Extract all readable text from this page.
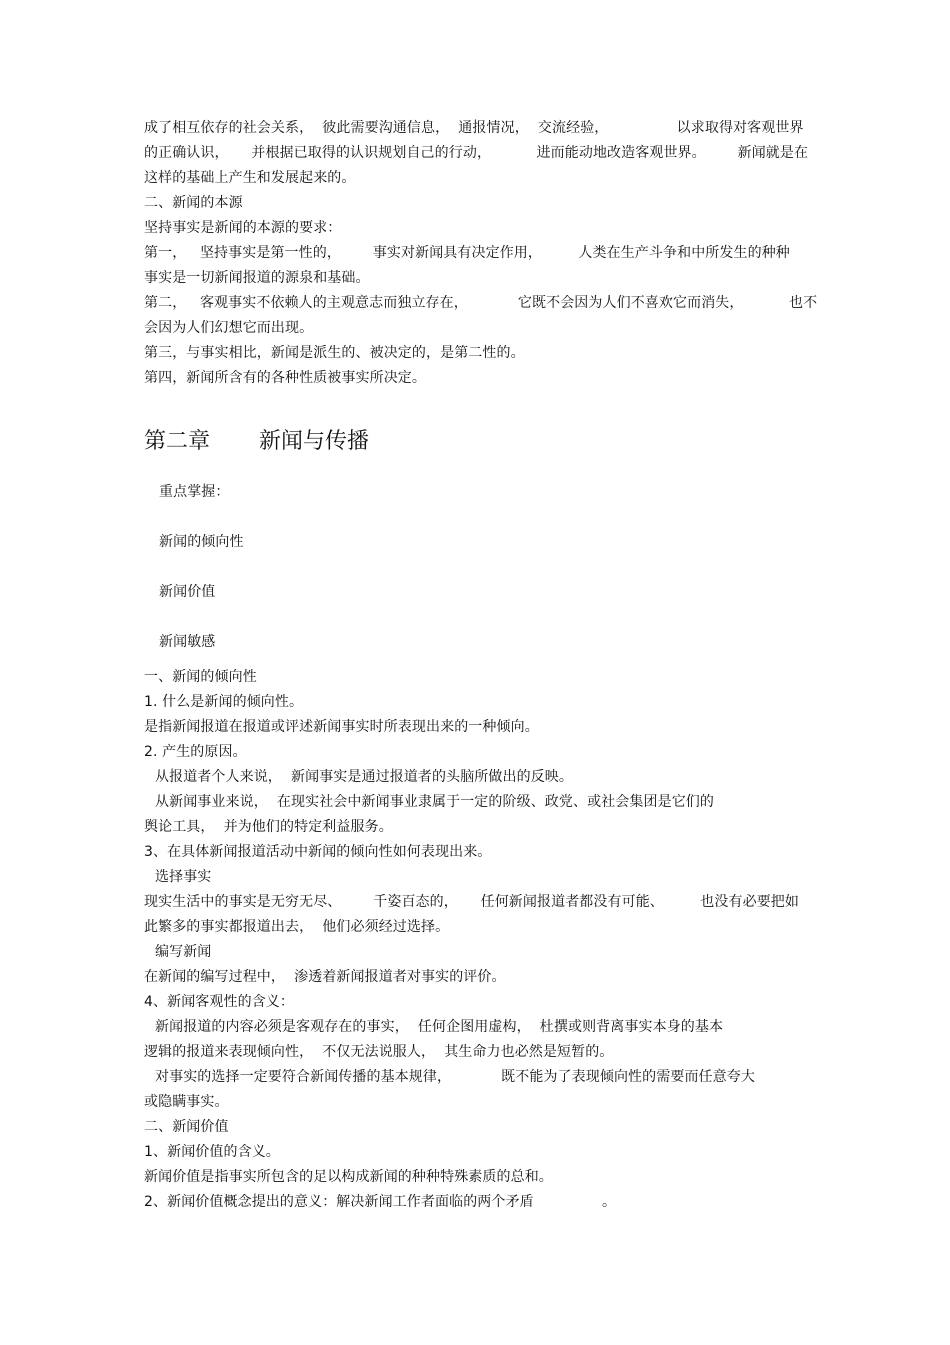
成了相互依存的社会关系，  彼此需要沟通信息，  通报情况，  交流经验，               以求取得对客观世界
的正确认识，     并根据已取得的认识规划自己的行动，          进而能动地改造客观世界。       新闻就是在
这样的基础上产生和发展起来的。
二、新闻的本源
坚持事实是新闻的本源的要求：
第一，   坚持事实是第一性的，       事实对新闻具有决定作用，        人类在生产斗争和中所发生的种种
事实是一切新闻报道的源泉和基础。
第二，   客观事实不依赖人的主观意志而独立存在，           它既不会因为人们不喜欢它而消失，          也不
会因为人们幻想它而出现。
第三，与事实相比，新闻是派生的、被决定的，是第二性的。
第四，新闻所含有的各种性质被事实所决定。
第二章       新闻与传播
重点掌握：
新闻的倾向性
新闻价值
新闻敏感
一、新闻的倾向性
1. 什么是新闻的倾向性。
是指新闻报道在报道或评述新闻事实时所表现出来的一种倾向。
2. 产生的原因。
从报道者个人来说，  新闻事实是通过报道者的头脑所做出的反映。
从新闻事业来说，  在现实社会中新闻事业隶属于一定的阶级、政党、或社会集团是它们的
舆论工具，  并为他们的特定利益服务。
3、在具体新闻报道活动中新闻的倾向性如何表现出来。
选择事实
现实生活中的事实是无穷无尽、       千姿百态的，     任何新闻报道者都没有可能、        也没有必要把如
此繁多的事实都报道出去，  他们必须经过选择。
编写新闻
在新闻的编写过程中，  渗透着新闻报道者对事实的评价。
4、新闻客观性的含义：
新闻报道的内容必须是客观存在的事实，  任何企图用虚构，  杜撰或则背离事实本身的基本
逻辑的报道来表现倾向性，  不仅无法说服人，  其生命力也必然是短暂的。
对事实的选择一定要符合新闻传播的基本规律，           既不能为了表现倾向性的需要而任意夸大
或隐瞒事实。
二、新闻价值
1、新闻价值的含义。
新闻价值是指事实所包含的足以构成新闻的种种特殊素质的总和。
2、新闻价值概念提出的意义：解决新闻工作者面临的两个矛盾               。
